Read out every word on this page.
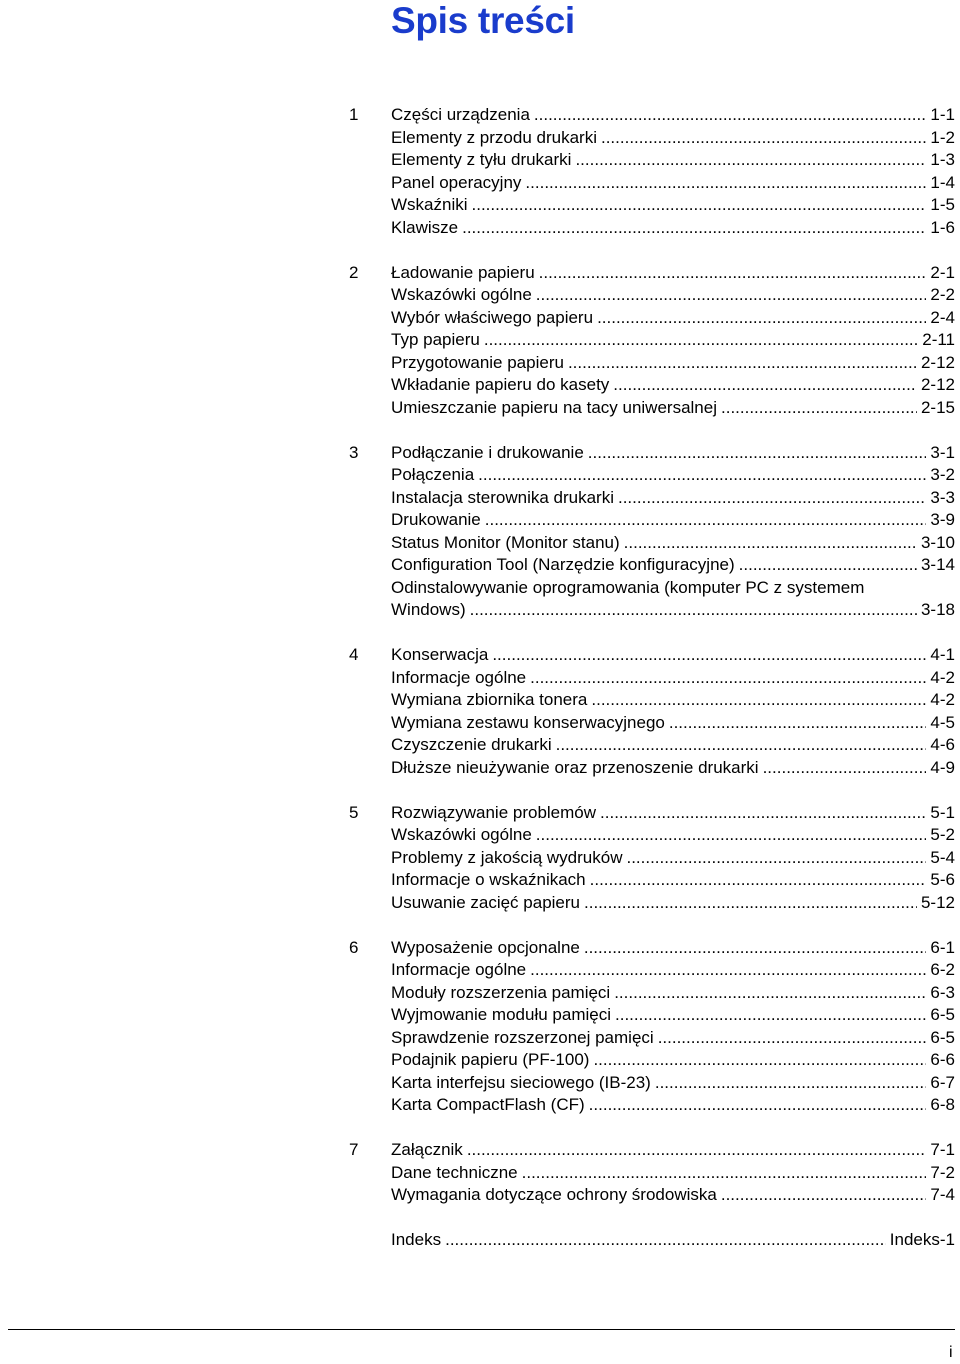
Spis treści
1 Części urządzenia .....	1-1
Elementy z przodu drukarki .....	1-2
Elementy z tyłu drukarki .....	1-3
Panel operacyjny .....	1-4
Wskaźniki .....	1-5
Klawisze .....	1-6
2 Ładowanie papieru .....	2-1
Wskazówki ogólne .....	2-2
Wybór właściwego papieru .....	2-4
Typ papieru .....	2-11
Przygotowanie papieru .....	2-12
Wkładanie papieru do kasety .....	2-12
Umieszczanie papieru na tacy uniwersalnej .....	2-15
3 Podłączanie i drukowanie .....	3-1
Połączenia .....	3-2
Instalacja sterownika drukarki .....	3-3
Drukowanie .....	3-9
Status Monitor (Monitor stanu) .....	3-10
Configuration Tool (Narzędzie konfiguracyjne) .....	3-14
Odinstalowywanie oprogramowania (komputer PC z systemem
Windows) .....	3-18
4 Konserwacja .....	4-1
Informacje ogólne .....	4-2
Wymiana zbiornika tonera .....	4-2
Wymiana zestawu konserwacyjnego .....	4-5
Czyszczenie drukarki .....	4-6
Dłuższe nieużywanie oraz przenoszenie drukarki .....	4-9
5 Rozwiązywanie problemów .....	5-1
Wskazówki ogólne .....	5-2
Problemy z jakością wydruków .....	5-4
Informacje o wskaźnikach .....	5-6
Usuwanie zacięć papieru .....	5-12
6 Wyposażenie opcjonalne .....	6-1
Informacje ogólne .....	6-2
Moduły rozszerzenia pamięci .....	6-3
Wyjmowanie modułu pamięci .....	6-5
Sprawdzenie rozszerzonej pamięci .....	6-5
Podajnik papieru (PF-100) .....	6-6
Karta interfejsu sieciowego (IB-23) .....	6-7
Karta CompactFlash (CF) .....	6-8
7 Załącznik .....	7-1
Dane techniczne .....	7-2
Wymagania dotyczące ochrony środowiska .....	7-4
Indeks .....	Indeks-1
i
